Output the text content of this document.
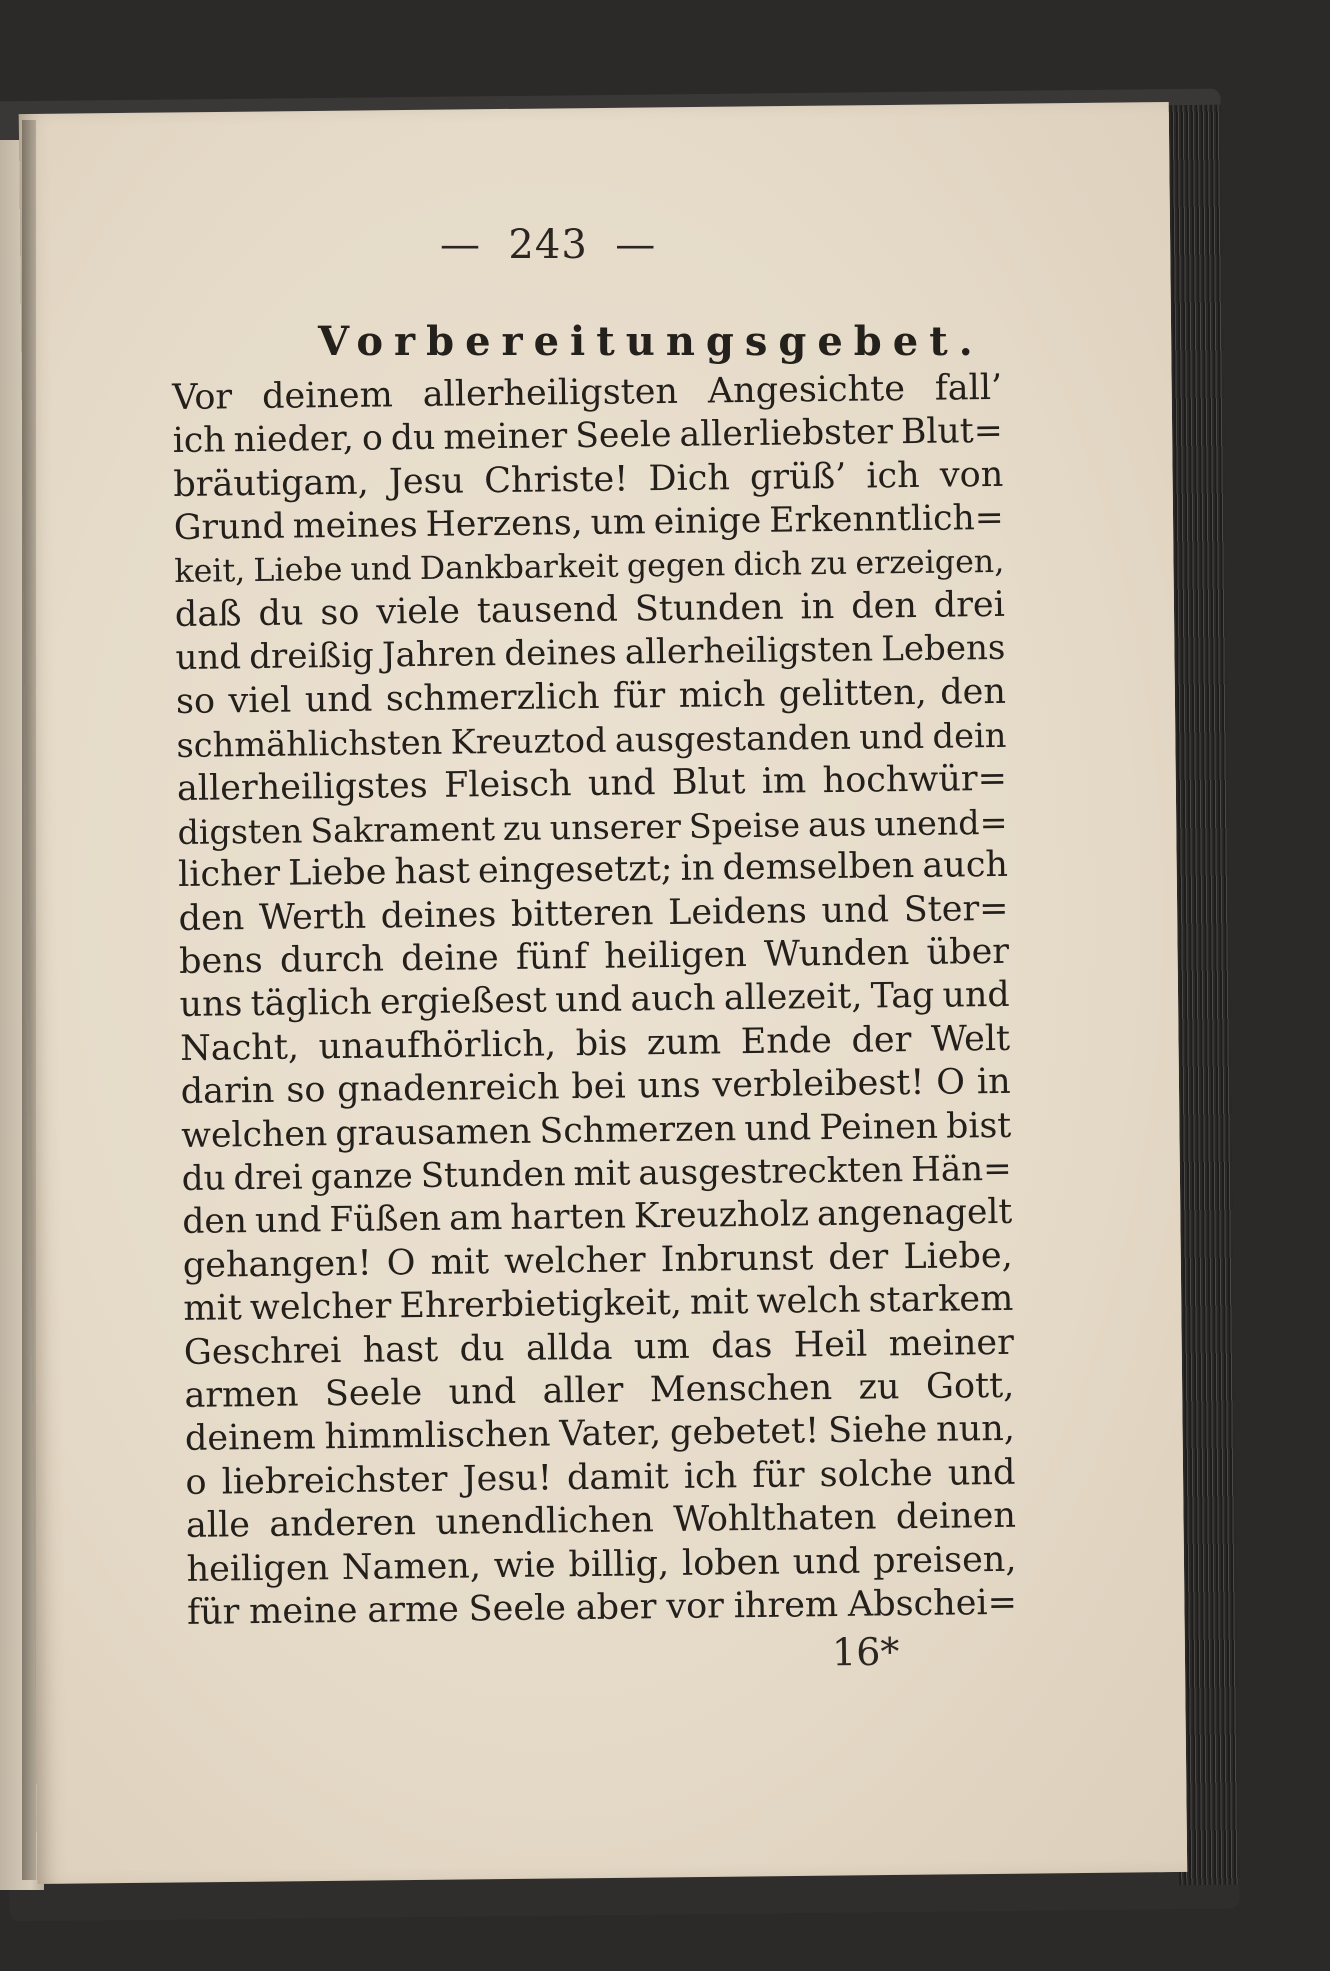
—  243  —
Vorbereitungsgebet.
Vor deinem allerheiligsten Angesichte fall’
ich nieder, o du meiner Seele allerliebster Blut=
bräutigam, Jesu Christe! Dich grüß’ ich von
Grund meines Herzens, um einige Erkenntlich=
keit, Liebe und Dankbarkeit gegen dich zu erzeigen,
daß du so viele tausend Stunden in den drei
und dreißig Jahren deines allerheiligsten Lebens
so viel und schmerzlich für mich gelitten, den
schmählichsten Kreuztod ausgestanden und dein
allerheiligstes Fleisch und Blut im hochwür=
digsten Sakrament zu unserer Speise aus unend=
licher Liebe hast eingesetzt; in demselben auch
den Werth deines bitteren Leidens und Ster=
bens durch deine fünf heiligen Wunden über
uns täglich ergießest und auch allezeit, Tag und
Nacht, unaufhörlich, bis zum Ende der Welt
darin so gnadenreich bei uns verbleibest! O in
welchen grausamen Schmerzen und Peinen bist
du drei ganze Stunden mit ausgestreckten Hän=
den und Füßen am harten Kreuzholz angenagelt
gehangen! O mit welcher Inbrunst der Liebe,
mit welcher Ehrerbietigkeit, mit welch starkem
Geschrei hast du allda um das Heil meiner
armen Seele und aller Menschen zu Gott,
deinem himmlischen Vater, gebetet! Siehe nun,
o liebreichster Jesu! damit ich für solche und
alle anderen unendlichen Wohlthaten deinen
heiligen Namen, wie billig, loben und preisen,
für meine arme Seele aber vor ihrem Abschei=
16*
